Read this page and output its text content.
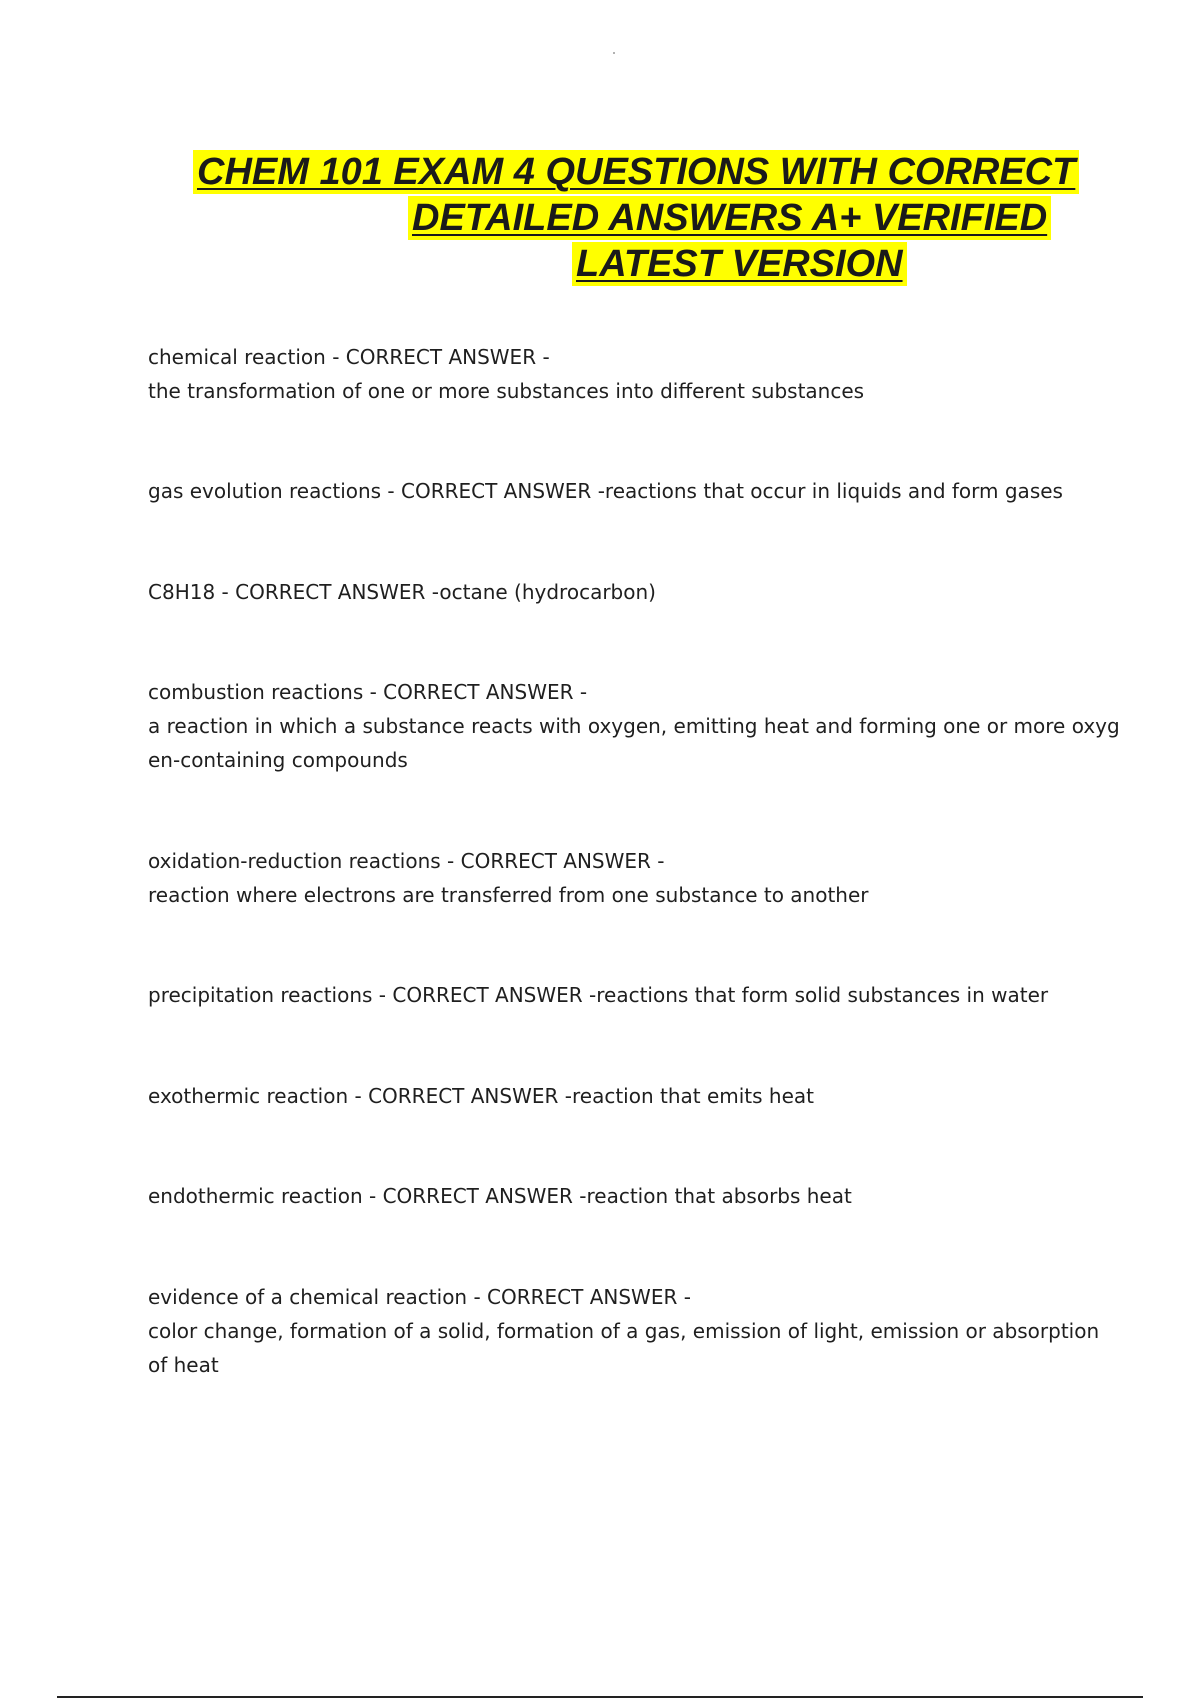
CHEM 101 EXAM 4 QUESTIONS WITH CORRECT
DETAILED ANSWERS A+ VERIFIED
LATEST VERSION
chemical reaction - CORRECT ANSWER -
the transformation of one or more substances into different substances
gas evolution reactions - CORRECT ANSWER -reactions that occur in liquids and form gases
C8H18 - CORRECT ANSWER -octane (hydrocarbon)
combustion reactions - CORRECT ANSWER -
a reaction in which a substance reacts with oxygen, emitting heat and forming one or more oxyg
en-containing compounds
oxidation-reduction reactions - CORRECT ANSWER -
reaction where electrons are transferred from one substance to another
precipitation reactions - CORRECT ANSWER -reactions that form solid substances in water
exothermic reaction - CORRECT ANSWER -reaction that emits heat
endothermic reaction - CORRECT ANSWER -reaction that absorbs heat
evidence of a chemical reaction - CORRECT ANSWER -
color change, formation of a solid, formation of a gas, emission of light, emission or absorption
of heat
